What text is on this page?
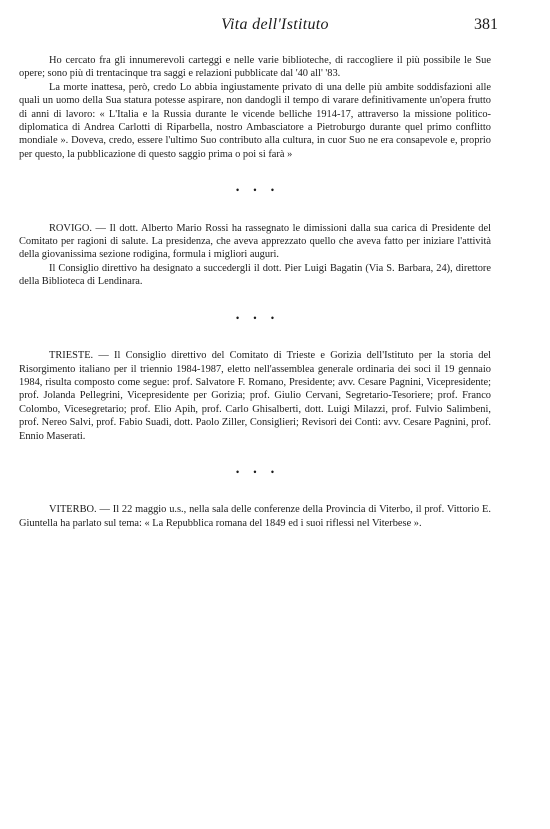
Vita dell'Istituto	381

Ho cercato fra gli innumerevoli carteggi e nelle varie biblioteche, di raccogliere il più possibile le Sue opere; sono più di trentacinque tra saggi e relazioni pubblicate dal '40 all' '83.

La morte inattesa, però, credo Lo abbia ingiustamente privato di una delle più ambite soddisfazioni alle quali un uomo della Sua statura potesse aspirare, non dandogli il tempo di varare definitivamente un'opera frutto di anni di lavoro: « L'Italia e la Russia durante le vicende belliche 1914-17, attraverso la missione politico-diplomatica di Andrea Carlotti di Riparbella, nostro Ambasciatore a Pietroburgo durante quel primo conflitto mondiale ». Doveva, credo, essere l'ultimo Suo contributo alla cultura, in cuor Suo ne era consapevole e, proprio per questo, la pubblicazione di questo saggio prima o poi si farà »

• • •

ROVIGO. — Il dott. Alberto Mario Rossi ha rassegnato le dimissioni dalla sua carica di Presidente del Comitato per ragioni di salute. La presidenza, che aveva apprezzato quello che aveva fatto per iniziare l'attività della giovanissima sezione rodigina, formula i migliori auguri.

Il Consiglio direttivo ha designato a succedergli il dott. Pier Luigi Bagatin (Via S. Barbara, 24), direttore della Biblioteca di Lendinara.

• • •

TRIESTE. — Il Consiglio direttivo del Comitato di Trieste e Gorizia dell'Istituto per la storia del Risorgimento italiano per il triennio 1984-1987, eletto nell'assemblea generale ordinaria dei soci il 19 gennaio 1984, risulta composto come segue: prof. Salvatore F. Romano, Presidente; avv. Cesare Pagnini, Vicepresidente; prof. Jolanda Pellegrini, Vicepresidente per Gorizia; prof. Giulio Cervani, Segretario-Tesoriere; prof. Franco Colombo, Vicesegretario; prof. Elio Apih, prof. Carlo Ghisalberti, dott. Luigi Milazzi, prof. Fulvio Salimbeni, prof. Nereo Salvi, prof. Fabio Suadi, dott. Paolo Ziller, Consiglieri; Revisori dei Conti: avv. Cesare Pagnini, prof. Ennio Maserati.

• • •

VITERBO. — Il 22 maggio u.s., nella sala delle conferenze della Provincia di Viterbo, il prof. Vittorio E. Giuntella ha parlato sul tema: « La Repubblica romana del 1849 ed i suoi riflessi nel Viterbese ».
